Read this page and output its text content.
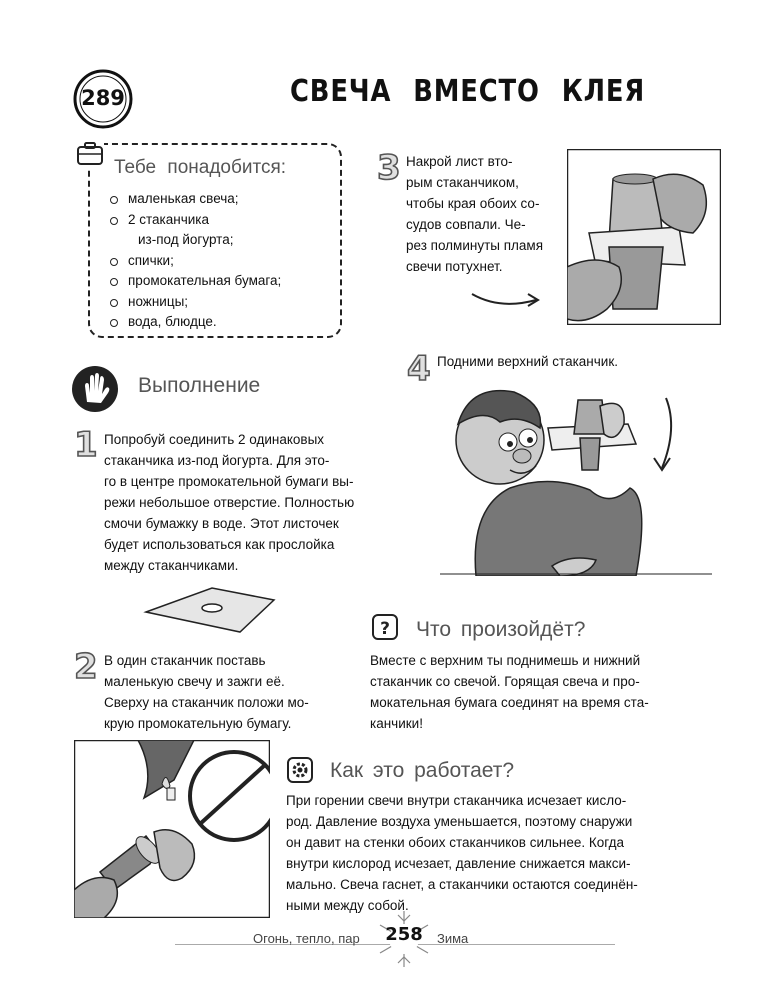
289	СВЕЧА ВМЕСТО КЛЕЯ
Тебе понадобится:
маленькая свеча;
2 стаканчика
из-под йогурта;
спички;
промокательная бумага;
ножницы;
вода, блюдце.
Выполнение
1 Попробуй соединить 2 одинаковых
стаканчика из-под йогурта. Для это-
го в центре промокательной бумаги вы-
режи небольшое отверстие. Полностью
смочи бумажку в воде. Этот листочек
будет использоваться как прослойка
между стаканчиками.

2 В один стаканчик поставь
маленькую свечу и зажги её.
Сверху на стаканчик положи мо-
крую промокательную бумагу.

3 Накрой лист вто-
рым стаканчиком,
чтобы края обоих со-
судов совпали. Че-
рез полминуты пламя
свечи потухнет.

4 Подними верхний стаканчик.

? Что произойдёт?

Вместе с верхним ты поднимешь и нижний
стаканчик со свечой. Горящая свеча и про-
мокательная бумага соединят на время ста-
канчики!

Как это работает?

При горении свечи внутри стаканчика исчезает кисло-
род. Давление воздуха уменьшается, поэтому снаружи
он давит на стенки обоих стаканчиков сильнее. Когда
внутри кислород исчезает, давление снижается макси-
мально. Свеча гаснет, а стаканчики остаются соединён-
ными между собой.

Огонь, тепло, пар	258	Зима
